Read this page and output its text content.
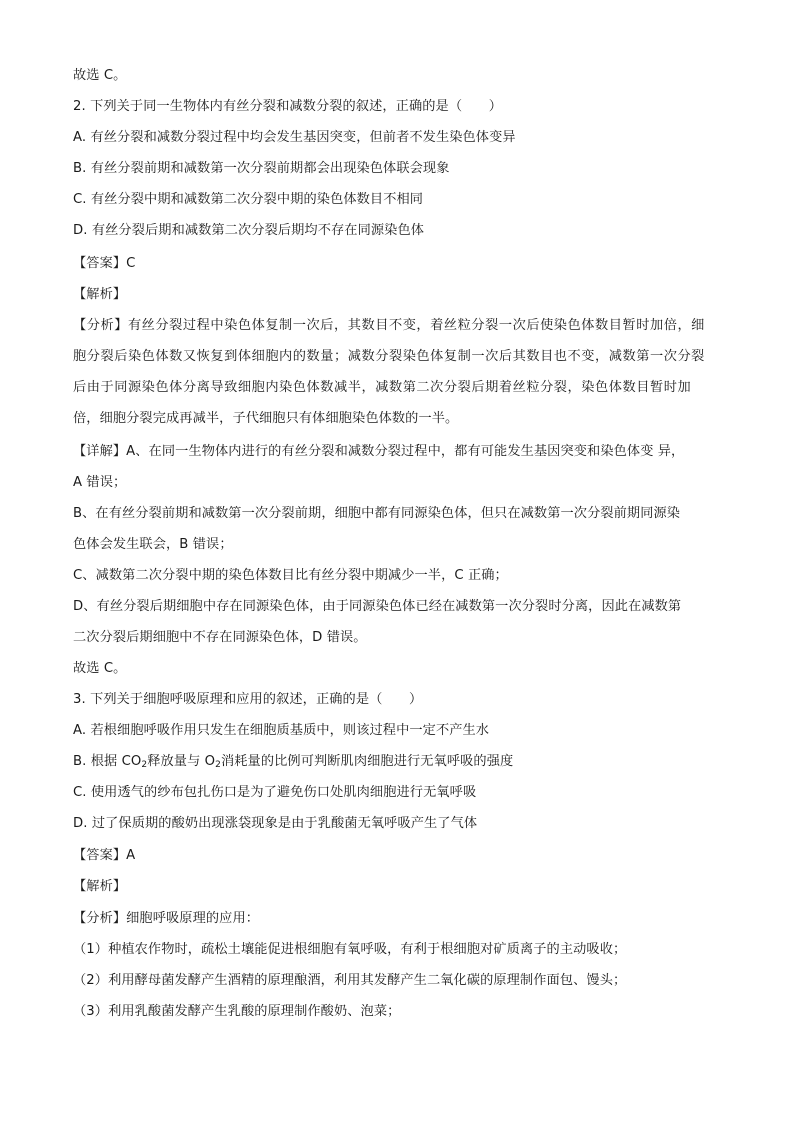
故选 C。
2. 下列关于同一生物体内有丝分裂和减数分裂的叙述，正确的是（　　）
A. 有丝分裂和减数分裂过程中均会发生基因突变，但前者不发生染色体变异
B. 有丝分裂前期和减数第一次分裂前期都会出现染色体联会现象
C. 有丝分裂中期和减数第二次分裂中期的染色体数目不相同
D. 有丝分裂后期和减数第二次分裂后期均不存在同源染色体
【答案】C
【解析】
【分析】有丝分裂过程中染色体复制一次后，其数目不变，着丝粒分裂一次后使染色体数目暂时加倍，细
胞分裂后染色体数又恢复到体细胞内的数量；减数分裂染色体复制一次后其数目也不变，减数第一次分裂
后由于同源染色体分离导致细胞内染色体数减半，减数第二次分裂后期着丝粒分裂，染色体数目暂时加
倍，细胞分裂完成再减半，子代细胞只有体细胞染色体数的一半。
【详解】A、在同一生物体内进行的有丝分裂和减数分裂过程中，都有可能发生基因突变和染色体变 异，
A 错误；
B、在有丝分裂前期和减数第一次分裂前期，细胞中都有同源染色体，但只在减数第一次分裂前期同源染
色体会发生联会，B 错误；
C、减数第二次分裂中期的染色体数目比有丝分裂中期减少一半，C 正确；
D、有丝分裂后期细胞中存在同源染色体，由于同源染色体已经在减数第一次分裂时分离，因此在减数第
二次分裂后期细胞中不存在同源染色体，D 错误。
故选 C。
3. 下列关于细胞呼吸原理和应用的叙述，正确的是（　　）
A. 若根细胞呼吸作用只发生在细胞质基质中，则该过程中一定不产生水
B. 根据 $CO_2$释放量与 $O_2$消耗量的比例可判断肌肉细胞进行无氧呼吸的强度
C. 使用透气的纱布包扎伤口是为了避免伤口处肌肉细胞进行无氧呼吸
D. 过了保质期的酸奶出现涨袋现象是由于乳酸菌无氧呼吸产生了气体
【答案】A
【解析】
【分析】细胞呼吸原理的应用：
（1）种植农作物时，疏松土壤能促进根细胞有氧呼吸，有利于根细胞对矿质离子的主动吸收；
（2）利用酵母菌发酵产生酒精的原理酿酒，利用其发酵产生二氧化碳的原理制作面包、馒头；
（3）利用乳酸菌发酵产生乳酸的原理制作酸奶、泡菜；
